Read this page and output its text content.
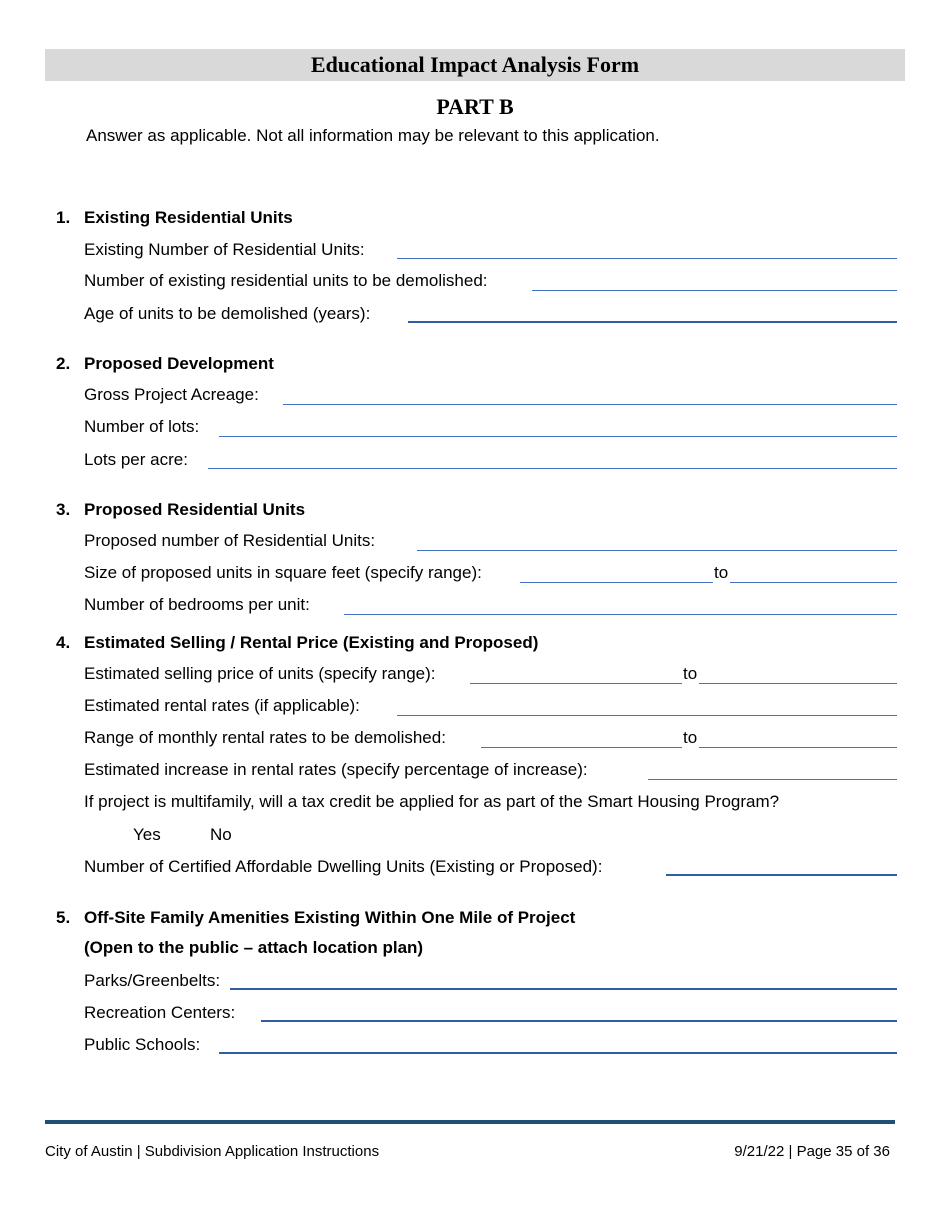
Educational Impact Analysis Form
PART B
Answer as applicable. Not all information may be relevant to this application.
1. Existing Residential Units
Existing Number of Residential Units:
Number of existing residential units to be demolished:
Age of units to be demolished (years):
2. Proposed Development
Gross Project Acreage:
Number of lots:
Lots per acre:
3. Proposed Residential Units
Proposed number of Residential Units:
Size of proposed units in square feet (specify range):	to
Number of bedrooms per unit:
4. Estimated Selling / Rental Price (Existing and Proposed)
Estimated selling price of units (specify range):	to
Estimated rental rates (if applicable):
Range of monthly rental rates to be demolished:	to
Estimated increase in rental rates (specify percentage of increase):
If project is multifamily, will a tax credit be applied for as part of the Smart Housing Program?
Yes	No
Number of Certified Affordable Dwelling Units (Existing or Proposed):
5. Off-Site Family Amenities Existing Within One Mile of Project
(Open to the public – attach location plan)
Parks/Greenbelts:
Recreation Centers:
Public Schools:
City of Austin | Subdivision Application Instructions	9/21/22 | Page 35 of 36
